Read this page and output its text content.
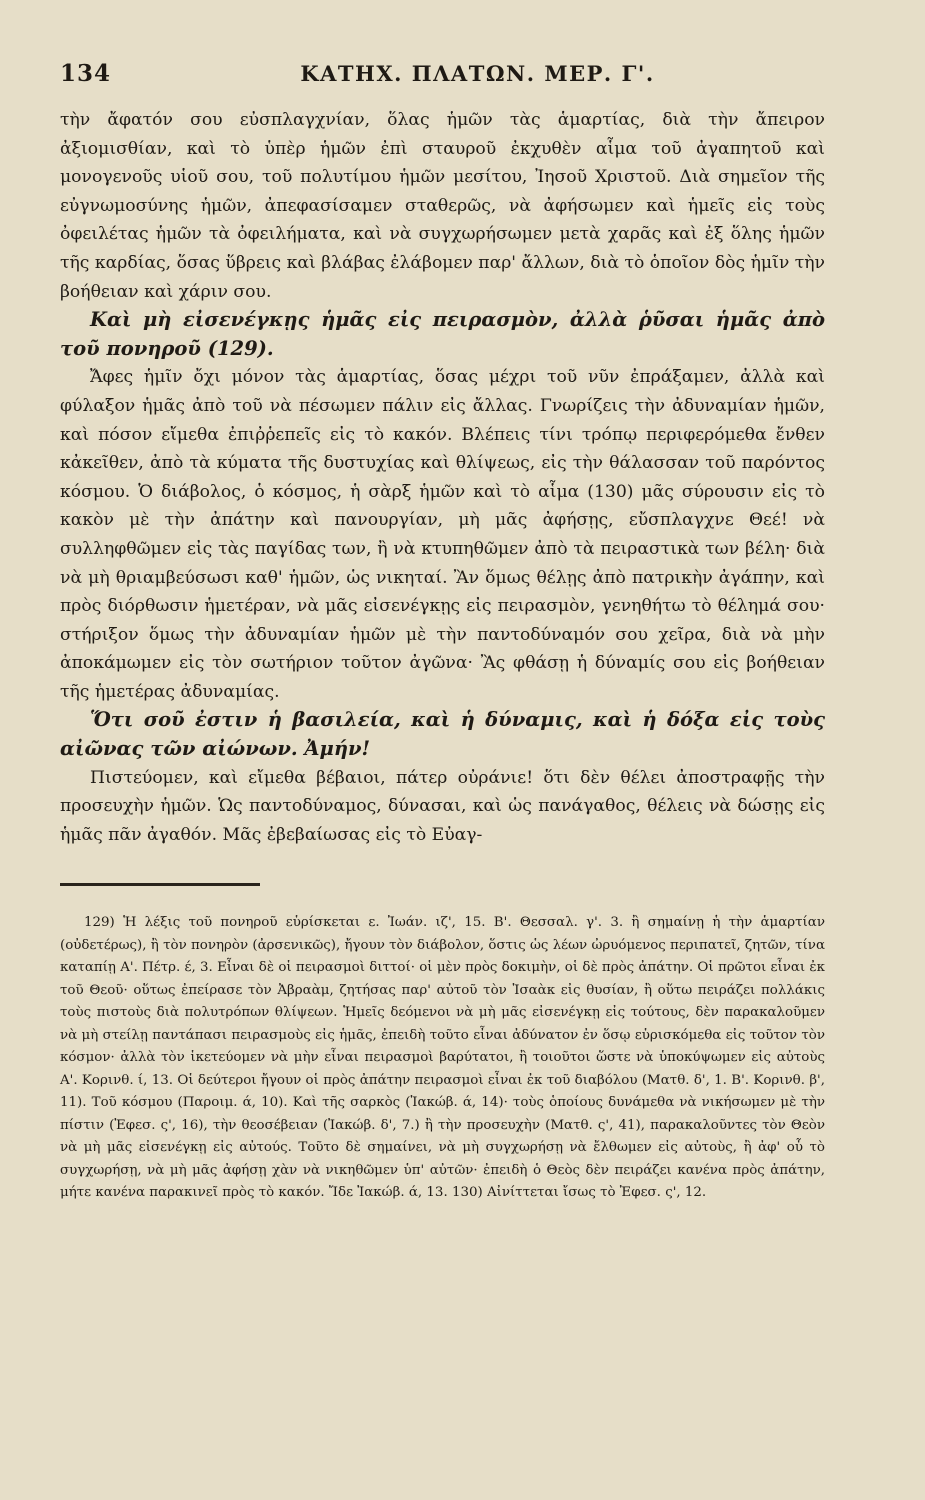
134	ΚΑΤΗΧ. ΠΛΑΤΩΝ. ΜΕΡ. Γ'.

τὴν ἄφατόν σου εὐσπλαγχνίαν, ὅλας ἡμῶν τὰς ἁμαρτίας, διὰ τὴν ἄπειρον ἀξιομισθίαν, καὶ τὸ ὑπὲρ ἡμῶν ἐπὶ σταυροῦ ἐκχυθὲν αἷμα τοῦ ἀγαπητοῦ καὶ μονογενοῦς υἱοῦ σου, τοῦ πολυτίμου ἡμῶν μεσίτου, Ἰησοῦ Χριστοῦ. Διὰ σημεῖον τῆς εὐγνωμοσύνης ἡμῶν, ἀπεφασίσαμεν σταθερῶς, νὰ ἀφήσωμεν καὶ ἡμεῖς εἰς τοὺς ὀφειλέτας ἡμῶν τὰ ὀφειλήματα, καὶ νὰ συγχωρήσωμεν μετὰ χαρᾶς καὶ ἐξ ὅλης ἡμῶν τῆς καρδίας, ὅσας ὕβρεις καὶ βλάβας ἐλάβομεν παρ' ἄλλων, διὰ τὸ ὁποῖον δὸς ἡμῖν τὴν βοήθειαν καὶ χάριν σου.

Καὶ μὴ εἰσενέγκῃς ἡμᾶς εἰς πειρασμὸν, ἀλλὰ ῥῦσαι ἡμᾶς ἀπὸ τοῦ πονηροῦ (129).

Ἄφες ἡμῖν ὄχι μόνον τὰς ἁμαρτίας, ὅσας μέχρι τοῦ νῦν ἐπράξαμεν, ἀλλὰ καὶ φύλαξον ἡμᾶς ἀπὸ τοῦ νὰ πέσωμεν πάλιν εἰς ἄλλας. Γνωρίζεις τὴν ἀδυναμίαν ἡμῶν, καὶ πόσον εἴμεθα ἐπιῤῥεπεῖς εἰς τὸ κακόν. Βλέπεις τίνι τρόπῳ περιφερόμεθα ἔνθεν κἀκεῖθεν, ἀπὸ τὰ κύματα τῆς δυστυχίας καὶ θλίψεως, εἰς τὴν θάλασσαν τοῦ παρόντος κόσμου. Ὁ διάβολος, ὁ κόσμος, ἡ σὰρξ ἡμῶν καὶ τὸ αἷμα (130) μᾶς σύρουσιν εἰς τὸ κακὸν μὲ τὴν ἀπάτην καὶ πανουργίαν, μὴ μᾶς ἀφήσῃς, εὔσπλαγχνε Θεέ! νὰ συλληφθῶμεν εἰς τὰς παγίδας των, ἢ νὰ κτυπηθῶμεν ἀπὸ τὰ πειραστικὰ των βέλη· διὰ νὰ μὴ θριαμβεύσωσι καθ' ἡμῶν, ὡς νικηταί. Ἂν ὅμως θέλῃς ἀπὸ πατρικὴν ἀγάπην, καὶ πρὸς διόρθωσιν ἡμετέραν, νὰ μᾶς εἰσενέγκῃς εἰς πειρασμὸν, γενηθήτω τὸ θέλημά σου· στήριξον ὅμως τὴν ἀδυναμίαν ἡμῶν μὲ τὴν παντοδύναμόν σου χεῖρα, διὰ νὰ μὴν ἀποκάμωμεν εἰς τὸν σωτήριον τοῦτον ἀγῶνα· Ἂς φθάσῃ ἡ δύναμίς σου εἰς βοήθειαν τῆς ἡμετέρας ἀδυναμίας.

Ὅτι σοῦ ἐστιν ἡ βασιλεία, καὶ ἡ δύναμις, καὶ ἡ δόξα εἰς τοὺς αἰῶνας τῶν αἰώνων. Ἀμήν!

Πιστεύομεν, καὶ εἴμεθα βέβαιοι, πάτερ οὐράνιε! ὅτι δὲν θέλει ἀποστραφῇς τὴν προσευχὴν ἡμῶν. Ὡς παντοδύναμος, δύνασαι, καὶ ὡς πανάγαθος, θέλεις νὰ δώσῃς εἰς ἡμᾶς πᾶν ἀγαθόν. Μᾶς ἐβεβαίωσας εἰς τὸ Εὐαγ-

129) Ἡ λέξις τοῦ πονηροῦ εὑρίσκεται ε. Ἰωάν. ιζ', 15. Β'. Θεσσαλ. γ'. 3. ἢ σημαίνῃ ἡ τὴν ἁμαρτίαν (οὐδετέρως), ἢ τὸν πονηρὸν (ἀρσενικῶς), ἤγουν τὸν διάβολον, ὅστις ὡς λέων ὠρυόμενος περιπατεῖ, ζητῶν, τίνα καταπίῃ Α'. Πέτρ. έ, 3. Εἶναι δὲ οἱ πειρασμοὶ διττοί· οἱ μὲν πρὸς δοκιμὴν, οἱ δὲ πρὸς ἀπάτην. Οἱ πρῶτοι εἶναι ἐκ τοῦ Θεοῦ· οὕτως ἐπείρασε τὸν Ἀβραὰμ, ζητήσας παρ' αὐτοῦ τὸν Ἰσαὰκ εἰς θυσίαν, ἢ οὕτω πειράζει πολλάκις τοὺς πιστοὺς διὰ πολυτρόπων θλίψεων. Ἡμεῖς δεόμενοι νὰ μὴ μᾶς εἰσενέγκῃ εἰς τούτους, δὲν παρακαλοῦμεν νὰ μὴ στείλῃ παντάπασι πειρασμοὺς εἰς ἡμᾶς, ἐπειδὴ τοῦτο εἶναι ἀδύνατον ἐν ὅσῳ εὑρισκόμεθα εἰς τοῦτον τὸν κόσμον· ἀλλὰ τὸν ἱκετεύομεν νὰ μὴν εἶναι πειρασμοὶ βαρύτατοι, ἢ τοιοῦτοι ὥστε νὰ ὑποκύψωμεν εἰς αὐτοὺς Α'. Κορινθ. ί, 13. Οἱ δεύτεροι ἤγουν οἱ πρὸς ἀπάτην πειρασμοὶ εἶναι ἐκ τοῦ διαβόλου (Ματθ. δ', 1. Β'. Κορινθ. β', 11). Τοῦ κόσμου (Παροιμ. ά, 10). Καὶ τῆς σαρκὸς (Ἰακώβ. ά, 14)· τοὺς ὁποίους δυνάμεθα νὰ νικήσωμεν μὲ τὴν πίστιν (Ἐφεσ. ς', 16), τὴν θεοσέβειαν (Ἰακώβ. δ', 7.) ἢ τὴν προσευχὴν (Ματθ. ς', 41), παρακαλοῦντες τὸν Θεὸν νὰ μὴ μᾶς εἰσενέγκῃ εἰς αὐτούς. Τοῦτο δὲ σημαίνει, νὰ μὴ συγχωρήσῃ νὰ ἔλθωμεν εἰς αὐτοὺς, ἢ ἀφ' οὗ τὸ συγχωρήσῃ, νὰ μὴ μᾶς ἀφήσῃ χὰν νὰ νικηθῶμεν ὑπ' αὐτῶν· ἐπειδὴ ὁ Θεὸς δὲν πειράζει κανένα πρὸς ἀπάτην, μήτε κανένα παρακινεῖ πρὸς τὸ κακόν. Ἴδε Ἰακώβ. ά, 13. 130) Αἰνίττεται ἴσως τὸ Ἐφεσ. ς', 12.
